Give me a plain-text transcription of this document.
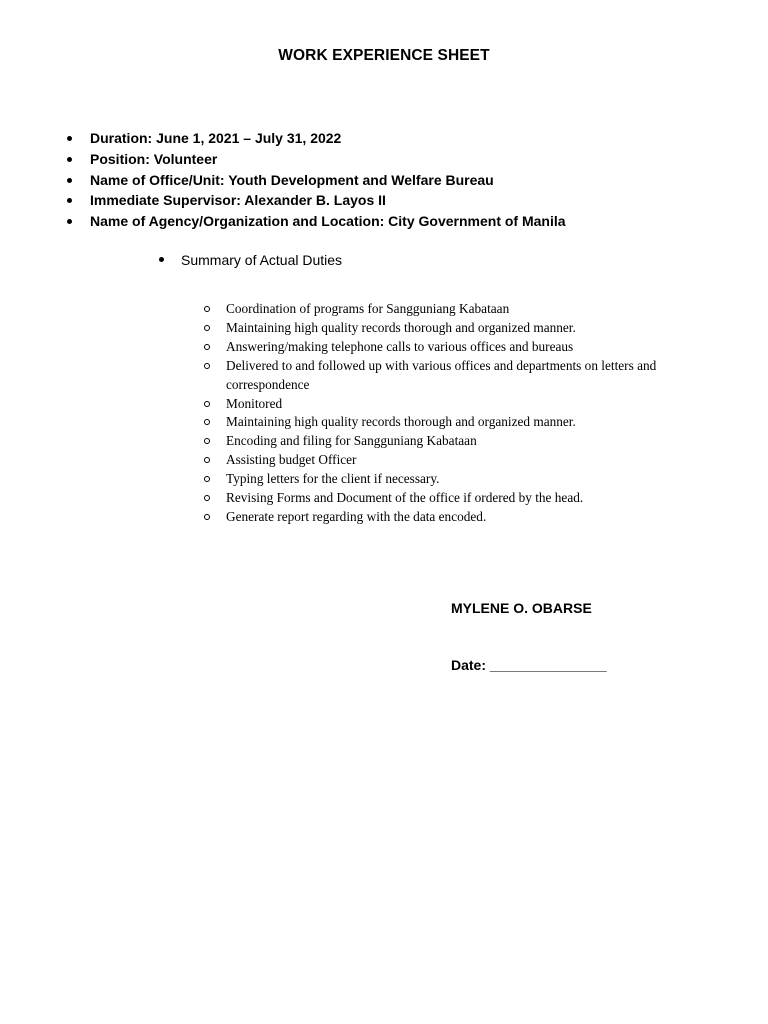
WORK EXPERIENCE SHEET
Duration: June 1, 2021 – July 31, 2022
Position: Volunteer
Name of Office/Unit: Youth Development and Welfare Bureau
Immediate Supervisor: Alexander B. Layos II
Name of Agency/Organization and Location: City Government of Manila
Summary of Actual Duties
Coordination of programs for Sangguniang Kabataan
Maintaining high quality records thorough and organized manner.
Answering/making telephone calls to various offices and bureaus
Delivered to and followed up with various offices and departments on letters and correspondence
Monitored
Maintaining high quality records thorough and organized manner.
Encoding and filing for Sangguniang Kabataan
Assisting budget Officer
Typing letters for the client if necessary.
Revising Forms and Document of the office if ordered by the head.
Generate report regarding with the data encoded.
MYLENE O. OBARSE
Date: _______________
